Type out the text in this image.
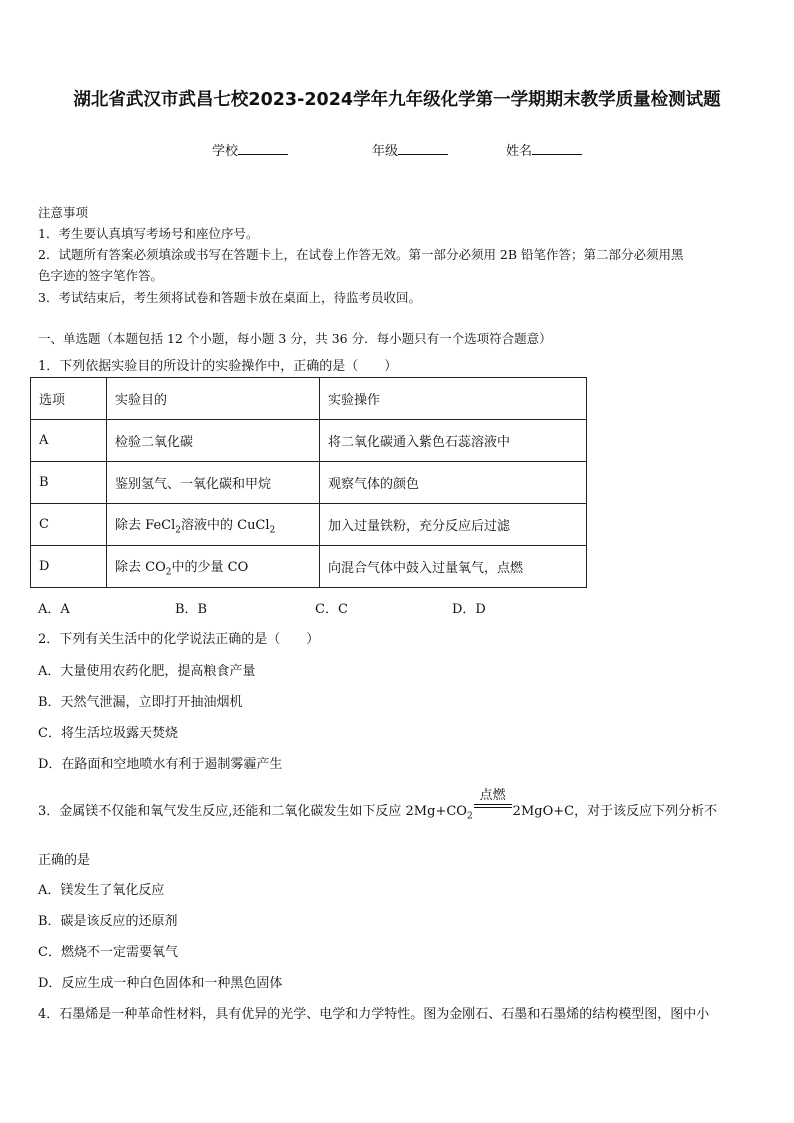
湖北省武汉市武昌七校2023-2024学年九年级化学第一学期期末教学质量检测试题
学校	年级	姓名
注意事项
1．考生要认真填写考场号和座位序号。
2．试题所有答案必须填涂或书写在答题卡上，在试卷上作答无效。第一部分必须用 2B 铅笔作答；第二部分必须用黑
色字迹的签字笔作答。
3．考试结束后，考生须将试卷和答题卡放在桌面上，待监考员收回。
一、单选题（本题包括 12 个小题，每小题 3 分，共 36 分．每小题只有一个选项符合题意）
1．下列依据实验目的所设计的实验操作中，正确的是（　　）
选项	实验目的	实验操作
A	检验二氧化碳	将二氧化碳通入紫色石蕊溶液中
B	鉴别氢气、一氧化碳和甲烷	观察气体的颜色
C	除去 FeCl$_2$溶液中的 CuCl$_2$	加入过量铁粉，充分反应后过滤
D	除去 $CO_2$中的少量 CO	向混合气体中鼓入过量氧气，点燃
A．A	B．B	C．C	D．D
2．下列有关生活中的化学说法正确的是（　　）
A．大量使用农药化肥，提高粮食产量
B．天然气泄漏，立即打开抽油烟机
C．将生活垃圾露天焚烧
D．在路面和空地喷水有利于遏制雾霾产生
3．金属镁不仅能和氧气发生反应,还能和二氧化碳发生如下反应 $2Mg+CO_2$
点燃
2MgO+C，对于该反应下列分析不
正确的是
A．镁发生了氧化反应
B．碳是该反应的还原剂
C．燃烧不一定需要氧气
D．反应生成一种白色固体和一种黑色固体
4．石墨烯是一种革命性材料，具有优异的光学、电学和力学特性。图为金刚石、石墨和石墨烯的结构模型图，图中小
